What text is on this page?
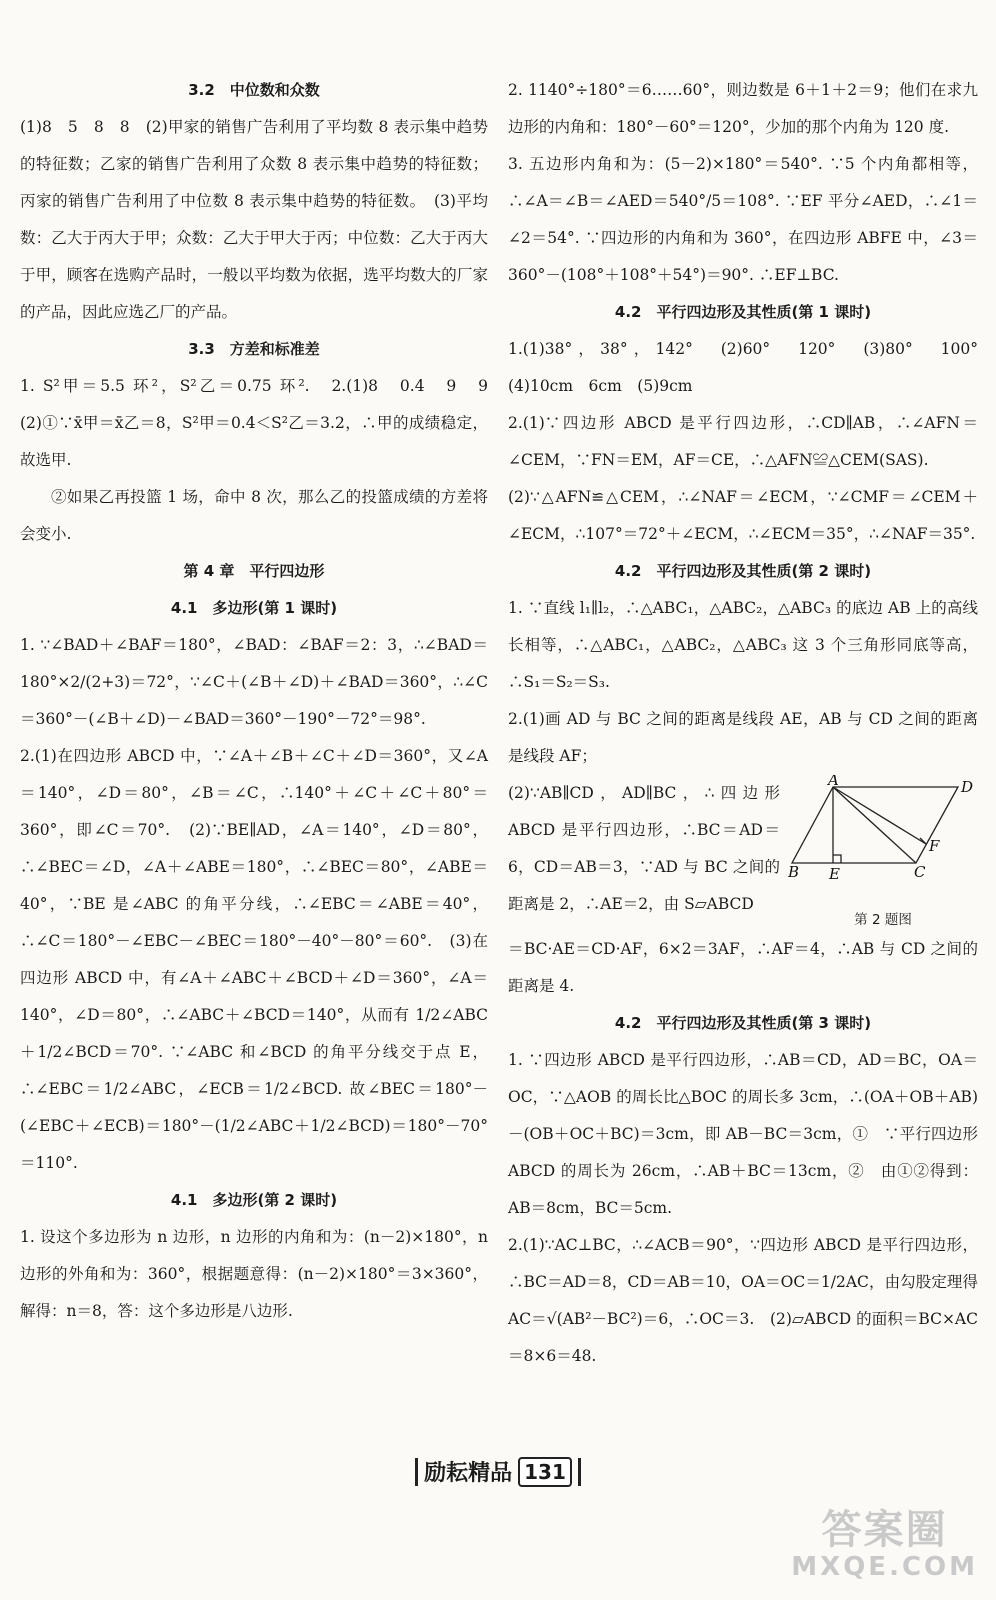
3.2　中位数和众数
(1)8　5　8　8　(2)甲家的销售广告利用了平均数 8 表示集中趋势的特征数；乙家的销售广告利用了众数 8 表示集中趋势的特征数；丙家的销售广告利用了中位数 8 表示集中趋势的特征数。　(3)平均数：乙大于丙大于甲；众数：乙大于甲大于丙；中位数：乙大于丙大于甲，顾客在选购产品时，一般以平均数为依据，选平均数大的厂家的产品，因此应选乙厂的产品。
3.3　方差和标准差
1. S²甲＝5.5 环²，S²乙＝0.75 环².　2.(1)8　0.4　9　9　(2)①∵x̄甲＝x̄乙＝8，S²甲＝0.4＜S²乙＝3.2，∴甲的成绩稳定，故选甲.
②如果乙再投篮 1 场，命中 8 次，那么乙的投篮成绩的方差将会变小.
第 4 章　平行四边形
4.1　多边形(第 1 课时)
1. ∵∠BAD＋∠BAF＝180°，∠BAD：∠BAF＝2：3，∴∠BAD＝180°×2/(2+3)＝72°，∵∠C＋(∠B＋∠D)＋∠BAD＝360°，∴∠C＝360°－(∠B＋∠D)－∠BAD＝360°－190°－72°＝98°.
2.(1)在四边形 ABCD 中，∵∠A＋∠B＋∠C＋∠D＝360°，又∠A＝140°，∠D＝80°，∠B＝∠C，∴140°＋∠C＋∠C＋80°＝360°，即∠C＝70°.　(2)∵BE∥AD，∠A＝140°，∠D＝80°，∴∠BEC＝∠D，∠A＋∠ABE＝180°，∴∠BEC＝80°，∠ABE＝40°，∵BE 是∠ABC 的角平分线，∴∠EBC＝∠ABE＝40°，∴∠C＝180°－∠EBC－∠BEC＝180°－40°－80°＝60°.　(3)在四边形 ABCD 中，有∠A＋∠ABC＋∠BCD＋∠D＝360°，∠A＝140°，∠D＝80°，∴∠ABC＋∠BCD＝140°，从而有 1/2∠ABC＋1/2∠BCD＝70°. ∵∠ABC 和∠BCD 的角平分线交于点 E，∴∠EBC＝1/2∠ABC，∠ECB＝1/2∠BCD. 故∠BEC＝180°－(∠EBC＋∠ECB)＝180°－(1/2∠ABC＋1/2∠BCD)＝180°－70°＝110°.
4.1　多边形(第 2 课时)
1. 设这个多边形为 n 边形，n 边形的内角和为：(n－2)×180°，n 边形的外角和为：360°，根据题意得：(n－2)×180°＝3×360°，解得：n＝8，答：这个多边形是八边形.
2. 1140°÷180°＝6……60°，则边数是 6＋1＋2＝9；他们在求九边形的内角和：180°－60°＝120°，少加的那个内角为 120 度.
3. 五边形内角和为：(5－2)×180°＝540°. ∵5 个内角都相等，∴∠A＝∠B＝∠AED＝540°/5＝108°. ∵EF 平分∠AED，∴∠1＝∠2＝54°. ∵四边形的内角和为 360°，在四边形 ABFE 中，∠3＝360°－(108°＋108°＋54°)＝90°. ∴EF⊥BC.
4.2　平行四边形及其性质(第 1 课时)
1.(1)38°，38°，142°　(2)60°　120°　(3)80°　100°　(4)10cm　6cm　(5)9cm
2.(1)∵四边形 ABCD 是平行四边形，∴CD∥AB，∴∠AFN＝∠CEM，∵FN＝EM，AF＝CE，∴△AFN≌△CEM(SAS).
(2)∵△AFN≌△CEM，∴∠NAF＝∠ECM，∵∠CMF＝∠CEM＋∠ECM，∴107°＝72°＋∠ECM，∴∠ECM＝35°，∴∠NAF＝35°.
4.2　平行四边形及其性质(第 2 课时)
1. ∵直线 l₁∥l₂，∴△ABC₁，△ABC₂，△ABC₃ 的底边 AB 上的高线长相等，∴△ABC₁，△ABC₂，△ABC₃ 这 3 个三角形同底等高，∴S₁＝S₂＝S₃.
2.(1)画 AD 与 BC 之间的距离是线段 AE，AB 与 CD 之间的距离是线段 AF；
(2)∵AB∥CD，AD∥BC，∴四边形 ABCD 是平行四边形，∴BC＝AD＝6，CD＝AB＝3，∵AD 与 BC 之间的距离是 2，∴AE＝2，由 S▱ABCD
A	D
B E	C
F
第 2 题图
＝BC·AE＝CD·AF，6×2＝3AF，∴AF＝4，∴AB 与 CD 之间的距离是 4.
4.2　平行四边形及其性质(第 3 课时)
1. ∵四边形 ABCD 是平行四边形，∴AB＝CD，AD＝BC，OA＝OC，∵△AOB 的周长比△BOC 的周长多 3cm，∴(OA＋OB＋AB)－(OB＋OC＋BC)＝3cm，即 AB－BC＝3cm，①　∵平行四边形 ABCD 的周长为 26cm，∴AB＋BC＝13cm，②　由①②得到：AB＝8cm，BC＝5cm.
2.(1)∵AC⊥BC，∴∠ACB＝90°，∵四边形 ABCD 是平行四边形，∴BC＝AD＝8，CD＝AB＝10，OA＝OC＝1/2AC，由勾股定理得 AC＝√(AB²－BC²)＝6，∴OC＝3.　(2)▱ABCD 的面积＝BC×AC＝8×6＝48.
励耘精品 131
答案圈
MXQE.COM
